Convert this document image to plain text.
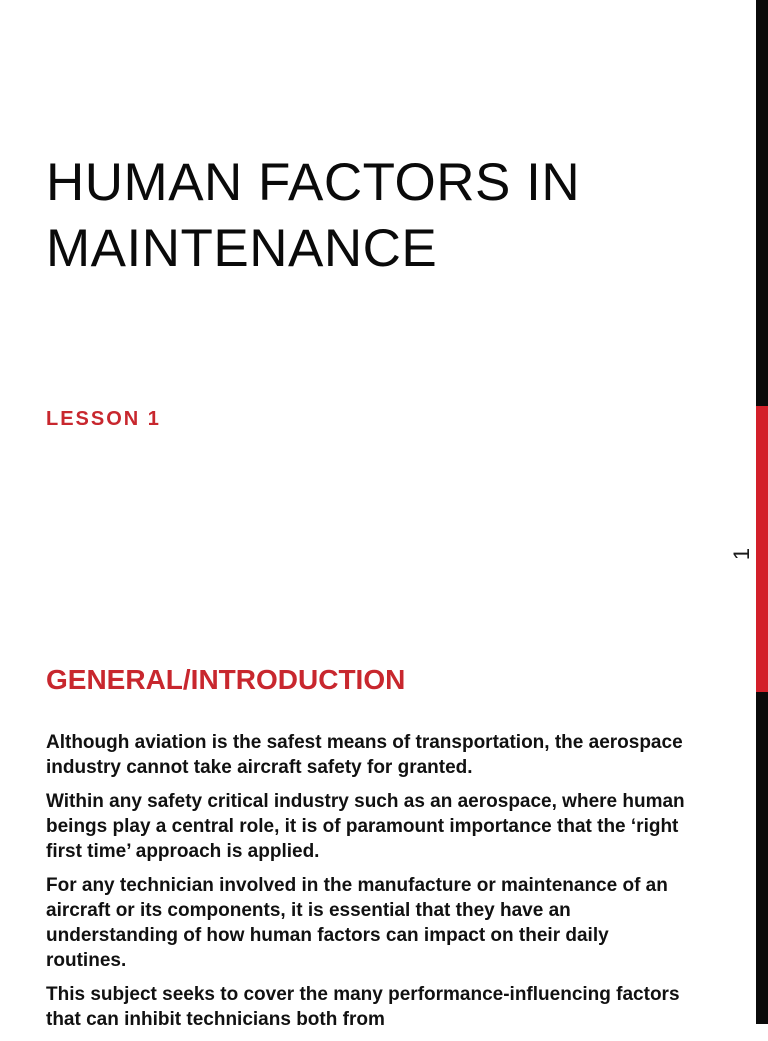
1
HUMAN FACTORS IN
MAINTENANCE
LESSON 1
GENERAL/INTRODUCTION

Although aviation is the safest means of transportation, the aerospace industry cannot take aircraft safety for granted.

Within any safety critical industry such as an aerospace, where human beings play a central role, it is of paramount importance that the ‘right first time’ approach is applied.

For any technician involved in the manufacture or maintenance of an aircraft or its components, it is essential that they have an understanding of how human factors can impact on their daily routines.

This subject seeks to cover the many performance-influencing factors that can inhibit technicians both from
